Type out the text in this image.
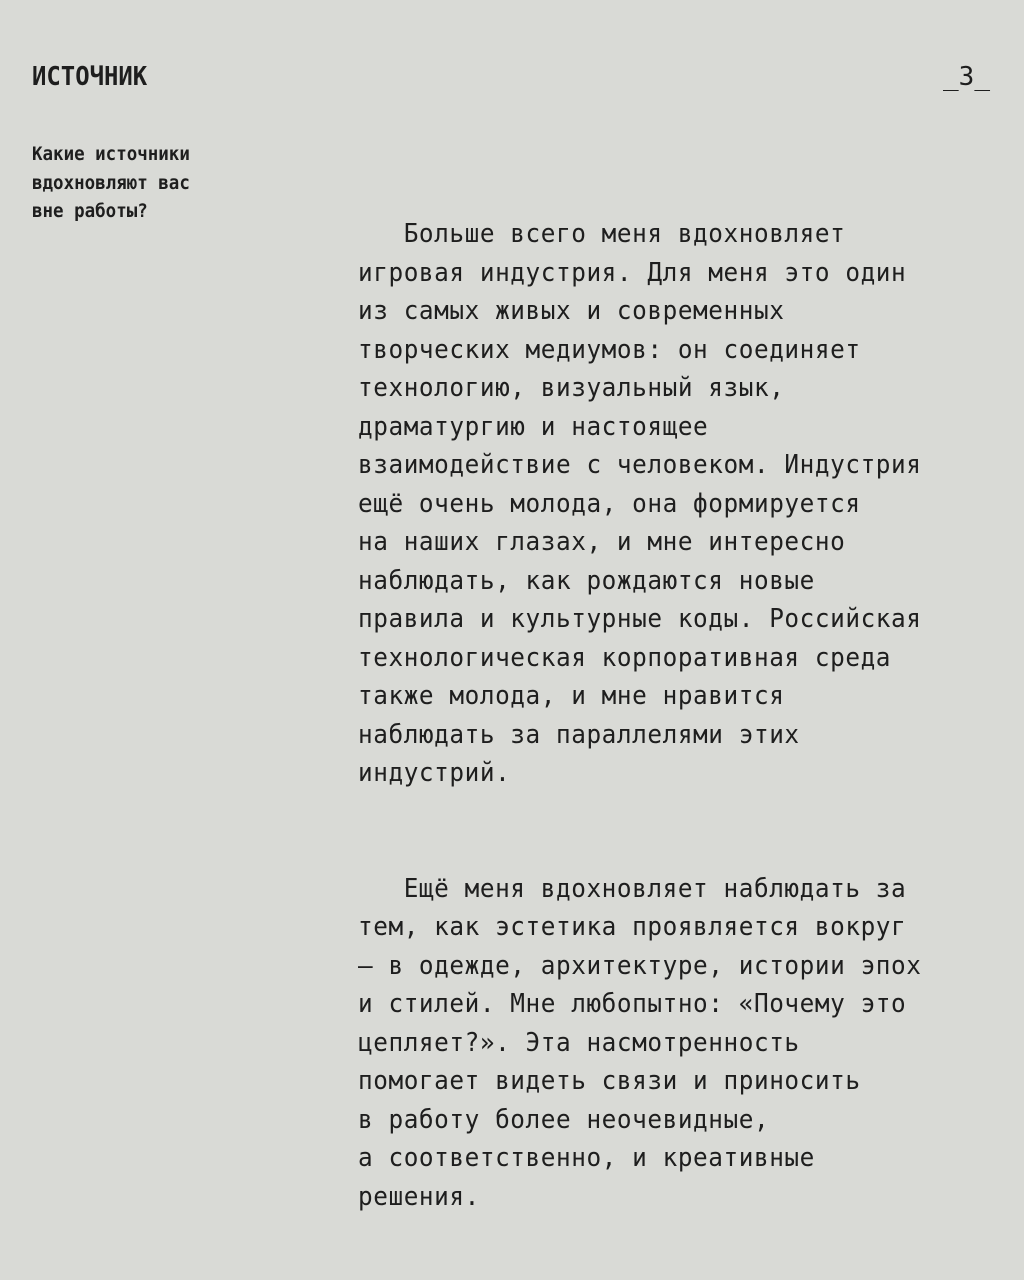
ИСТОЧНИК	_3_
Какие источники
вдохновляют вас
вне работы?

Больше всего меня вдохновляет
игровая индустрия. Для меня это один
из самых живых и современных
творческих медиумов: он соединяет
технологию, визуальный язык,
драматургию и настоящее
взаимодействие с человеком. Индустрия
ещё очень молода, она формируется
на наших глазах, и мне интересно
наблюдать, как рождаются новые
правила и культурные коды. Российская
технологическая корпоративная среда
также молода, и мне нравится
наблюдать за параллелями этих
индустрий.

Ещё меня вдохновляет наблюдать за
тем, как эстетика проявляется вокруг
— в одежде, архитектуре, истории эпох
и стилей. Мне любопытно: «Почему это
цепляет?». Эта насмотренность
помогает видеть связи и приносить
в работу более неочевидные,
а соответственно, и креативные
решения.
